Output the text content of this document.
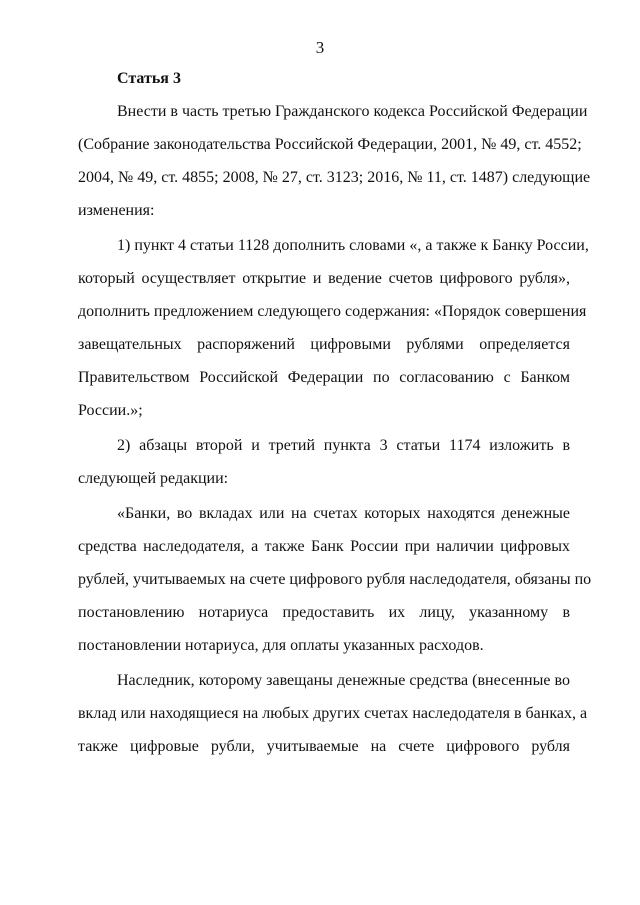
3
Статья 3

Внести в часть третью Гражданского кодекса Российской Федерации
(Собрание законодательства Российской Федерации, 2001, № 49, ст. 4552;
2004, № 49, ст. 4855; 2008, № 27, ст. 3123; 2016, № 11, ст. 1487) следующие
изменения:

1) пункт 4 статьи 1128 дополнить словами «, а также к Банку России,
который осуществляет открытие и ведение счетов цифрового рубля»,
дополнить предложением следующего содержания: «Порядок совершения
завещательных распоряжений цифровыми рублями определяется
Правительством Российской Федерации по согласованию с Банком
России.»;

2) абзацы второй и третий пункта 3 статьи 1174 изложить в
следующей редакции:

«Банки, во вкладах или на счетах которых находятся денежные
средства наследодателя, а также Банк России при наличии цифровых
рублей, учитываемых на счете цифрового рубля наследодателя, обязаны по
постановлению нотариуса предоставить их лицу, указанному в
постановлении нотариуса, для оплаты указанных расходов.

Наследник, которому завещаны денежные средства (внесенные во
вклад или находящиеся на любых других счетах наследодателя в банках, а
также цифровые рубли, учитываемые на счете цифрового рубля
